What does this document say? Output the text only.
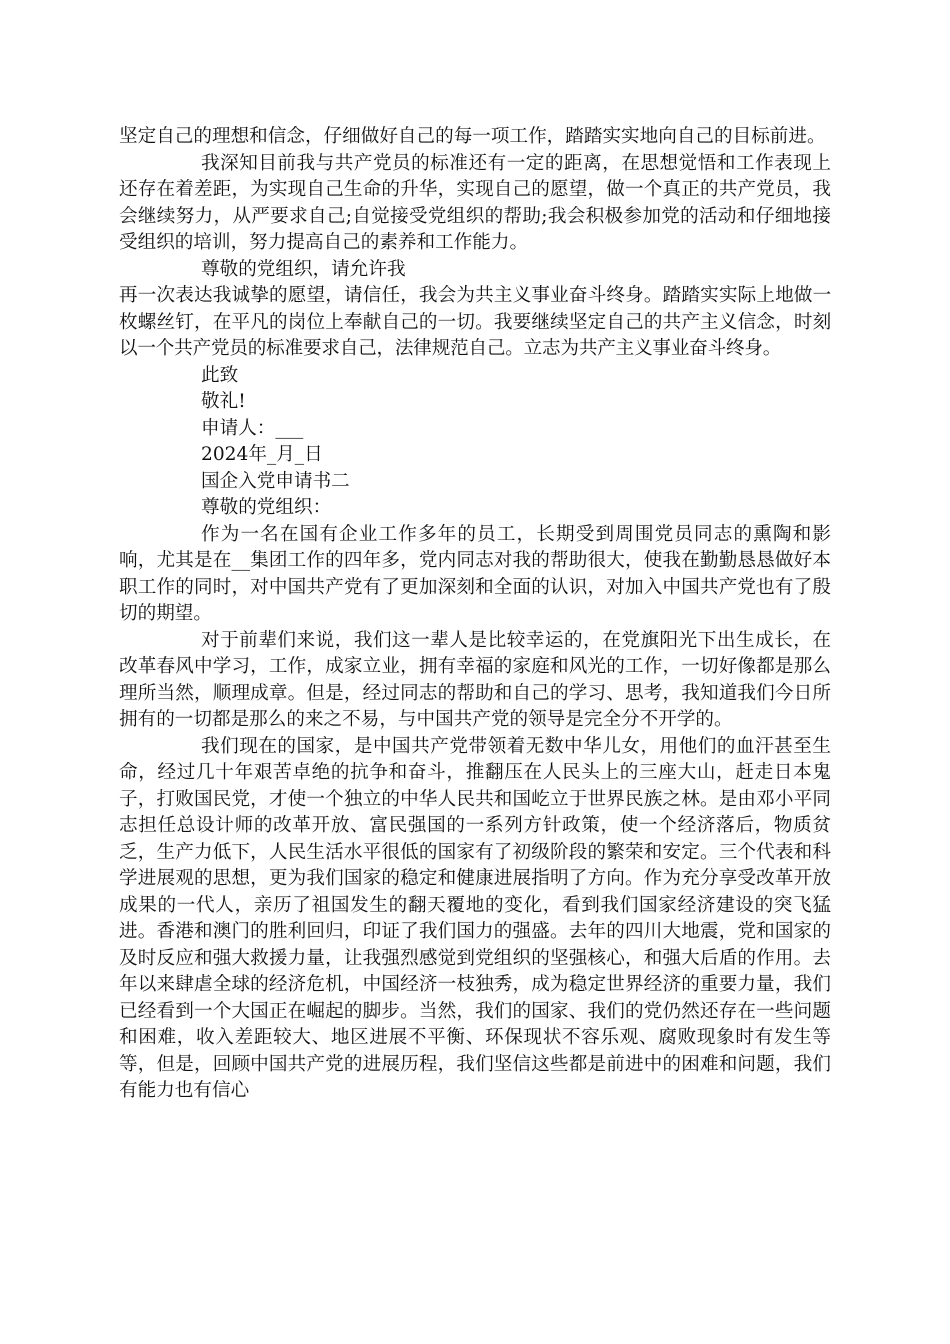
坚定自己的理想和信念，仔细做好自己的每一项工作，踏踏实实地向自己的目标前进。

我深知目前我与共产党员的标准还有一定的距离，在思想觉悟和工作表现上还存在着差距，为实现自己生命的升华，实现自己的愿望，做一个真正的共产党员，我会继续努力，从严要求自己;自觉接受党组织的帮助;我会积极参加党的活动和仔细地接受组织的培训，努力提高自己的素养和工作能力。

尊敬的党组织，请允许我

再一次表达我诚挚的愿望，请信任，我会为共主义事业奋斗终身。踏踏实实际上地做一枚螺丝钉，在平凡的岗位上奉献自己的一切。我要继续坚定自己的共产主义信念，时刻以一个共产党员的标准要求自己，法律规范自己。立志为共产主义事业奋斗终身。

此致

敬礼!

申请人：___

2024年_月_日

国企入党申请书二

尊敬的党组织：

作为一名在国有企业工作多年的员工，长期受到周围党员同志的熏陶和影响，尤其是在__集团工作的四年多，党内同志对我的帮助很大，使我在勤勤恳恳做好本职工作的同时，对中国共产党有了更加深刻和全面的认识，对加入中国共产党也有了殷切的期望。

对于前辈们来说，我们这一辈人是比较幸运的，在党旗阳光下出生成长，在改革春风中学习，工作，成家立业，拥有幸福的家庭和风光的工作，一切好像都是那么理所当然，顺理成章。但是，经过同志的帮助和自己的学习、思考，我知道我们今日所拥有的一切都是那么的来之不易，与中国共产党的领导是完全分不开学的。

我们现在的国家，是中国共产党带领着无数中华儿女，用他们的血汗甚至生命，经过几十年艰苦卓绝的抗争和奋斗，推翻压在人民头上的三座大山，赶走日本鬼子，打败国民党，才使一个独立的中华人民共和国屹立于世界民族之林。是由邓小平同志担任总设计师的改革开放、富民强国的一系列方针政策，使一个经济落后，物质贫乏，生产力低下，人民生活水平很低的国家有了初级阶段的繁荣和安定。三个代表和科学进展观的思想，更为我们国家的稳定和健康进展指明了方向。作为充分享受改革开放成果的一代人，亲历了祖国发生的翻天覆地的变化，看到我们国家经济建设的突飞猛进。香港和澳门的胜利回归，印证了我们国力的强盛。去年的四川大地震，党和国家的及时反应和强大救援力量，让我强烈感觉到党组织的坚强核心，和强大后盾的作用。去年以来肆虐全球的经济危机，中国经济一枝独秀，成为稳定世界经济的重要力量，我们已经看到一个大国正在崛起的脚步。当然，我们的国家、我们的党仍然还存在一些问题和困难，收入差距较大、地区进展不平衡、环保现状不容乐观、腐败现象时有发生等等，但是，回顾中国共产党的进展历程，我们坚信这些都是前进中的困难和问题，我们有能力也有信心
